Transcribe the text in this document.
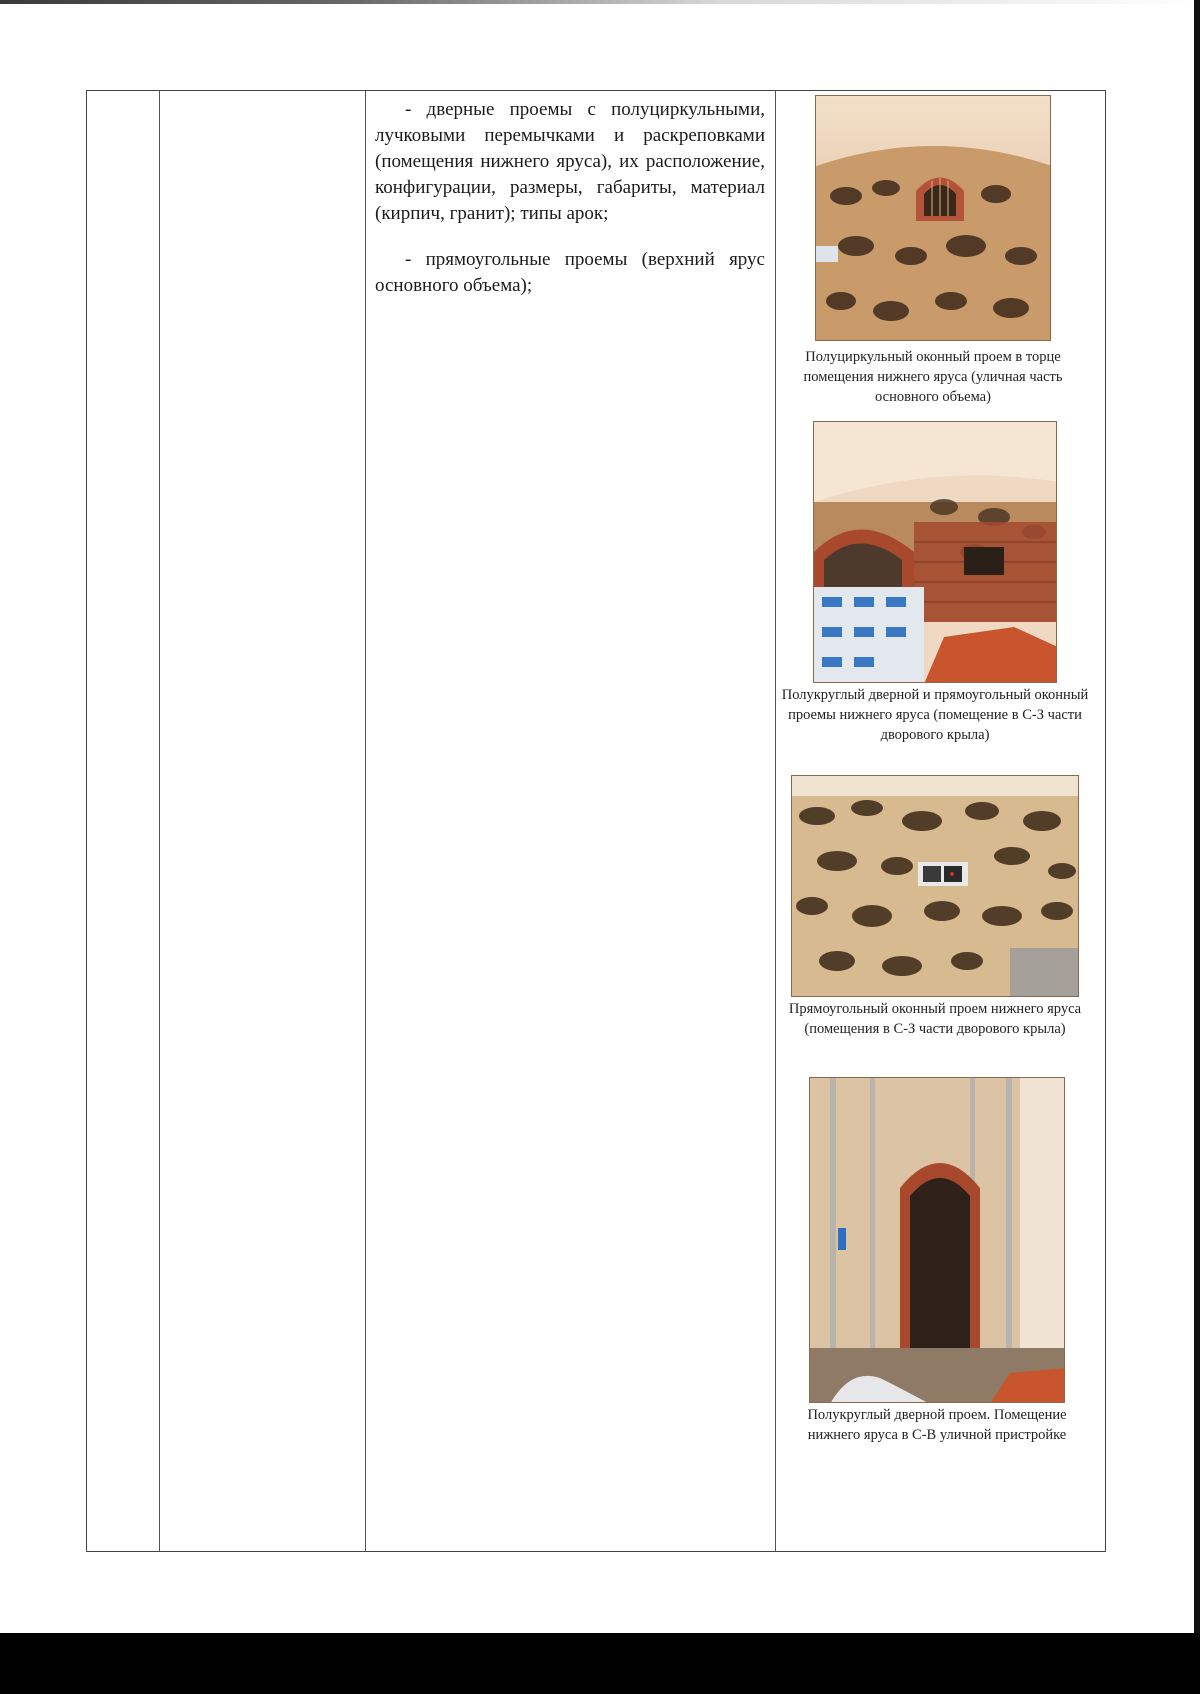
- дверные проемы с полуциркульными, лучковыми перемычками и раскреповками (помещения нижнего яруса), их расположение, конфигурации, размеры, габариты, материал (кирпич, гранит); типы арок;

- прямоугольные проемы (верхний ярус основного объема);

Полуциркульный оконный проем в торце помещения нижнего яруса (уличная часть основного объема)
Полукруглый дверной и прямоугольный оконный проемы нижнего яруса (помещение в С-З части дворового крыла)
Прямоугольный оконный проем нижнего яруса (помещения в С-З части дворового крыла)
Полукруглый дверной проем. Помещение нижнего яруса в С-В уличной пристройке
